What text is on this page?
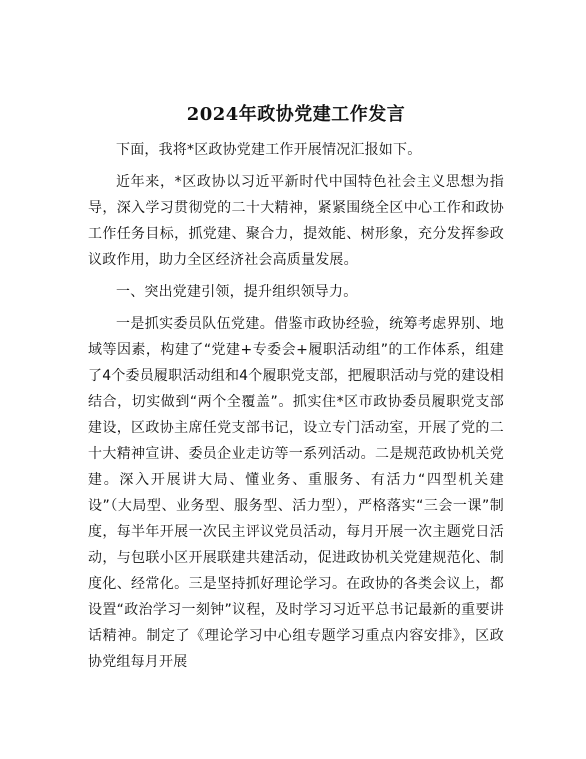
2024年政协党建工作发言

下面，我将*区政协党建工作开展情况汇报如下。

近年来，*区政协以习近平新时代中国特色社会主义思想为指导，深入学习贯彻党的二十大精神，紧紧围绕全区中心工作和政协工作任务目标，抓党建、聚合力，提效能、树形象，充分发挥参政议政作用，助力全区经济社会高质量发展。

一、突出党建引领，提升组织领导力。

一是抓实委员队伍党建。借鉴市政协经验，统筹考虑界别、地域等因素，构建了“党建+专委会+履职活动组”的工作体系，组建了4个委员履职活动组和4个履职党支部，把履职活动与党的建设相结合，切实做到“两个全覆盖”。抓实住*区市政协委员履职党支部建设，区政协主席任党支部书记，设立专门活动室，开展了党的二十大精神宣讲、委员企业走访等一系列活动。二是规范政协机关党建。深入开展讲大局、懂业务、重服务、有活力“四型机关建设”（大局型、业务型、服务型、活力型），严格落实“三会一课”制度，每半年开展一次民主评议党员活动，每月开展一次主题党日活动，与包联小区开展联建共建活动，促进政协机关党建规范化、制度化、经常化。三是坚持抓好理论学习。在政协的各类会议上，都设置“政治学习一刻钟”议程，及时学习习近平总书记最新的重要讲话精神。制定了《理论学习中心组专题学习重点内容安排》，区政协党组每月开展
